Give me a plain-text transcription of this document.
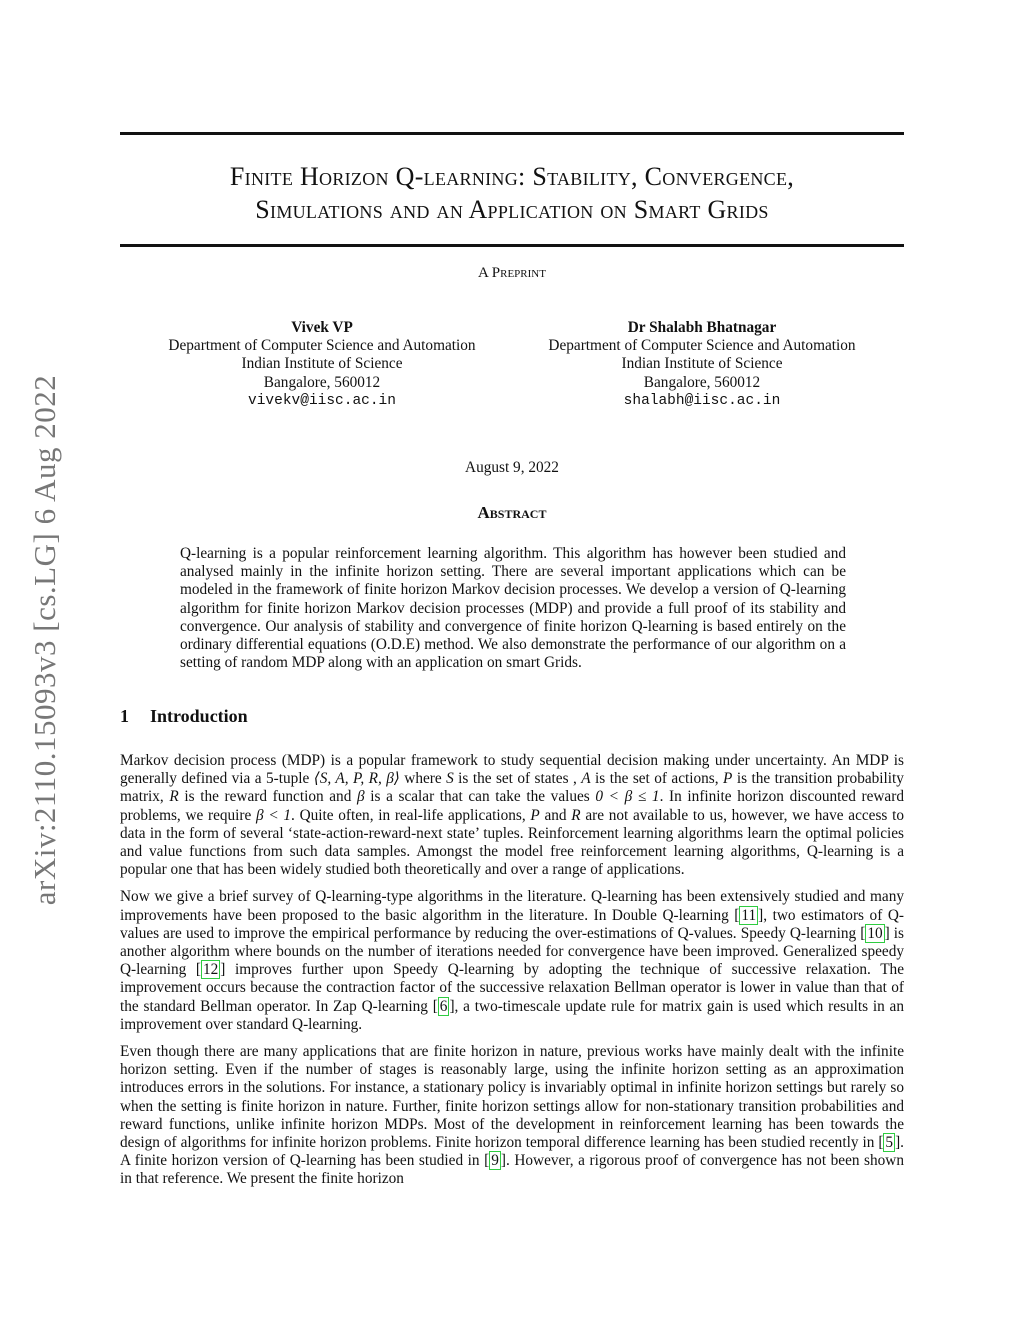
arXiv:2110.15093v3 [cs.LG] 6 Aug 2022
Finite Horizon Q-learning: Stability, Convergence,
Simulations and an Application on Smart Grids
A Preprint
Vivek VP
Department of Computer Science and Automation
Indian Institute of Science
Bangalore, 560012
vivekv@iisc.ac.in
Dr Shalabh Bhatnagar
Department of Computer Science and Automation
Indian Institute of Science
Bangalore, 560012
shalabh@iisc.ac.in
August 9, 2022
Abstract
Q-learning is a popular reinforcement learning algorithm. This algorithm has however been studied and analysed mainly in the infinite horizon setting. There are several important applications which can be modeled in the framework of finite horizon Markov decision processes. We develop a version of Q-learning algorithm for finite horizon Markov decision processes (MDP) and provide a full proof of its stability and convergence. Our analysis of stability and convergence of finite horizon Q-learning is based entirely on the ordinary differential equations (O.D.E) method. We also demonstrate the performance of our algorithm on a setting of random MDP along with an application on smart Grids.
1 Introduction

Markov decision process (MDP) is a popular framework to study sequential decision making under uncertainty. An MDP is generally defined via a 5-tuple ⟨S, A, P, R, β⟩ where S is the set of states , A is the set of actions, P is the transition probability matrix, R is the reward function and β is a scalar that can take the values 0 < β ≤ 1. In infinite horizon discounted reward problems, we require β < 1. Quite often, in real-life applications, P and R are not available to us, however, we have access to data in the form of several ‘state-action-reward-next state’ tuples. Reinforcement learning algorithms learn the optimal policies and value functions from such data samples. Amongst the model free reinforcement learning algorithms, Q-learning is a popular one that has been widely studied both theoretically and over a range of applications.

Now we give a brief survey of Q-learning-type algorithms in the literature. Q-learning has been extensively studied and many improvements have been proposed to the basic algorithm in the literature. In Double Q-learning [ 11 ], two estimators of Q-values are used to improve the empirical performance by reducing the over-estimations of Q-values. Speedy Q-learning [ 10 ] is another algorithm where bounds on the number of iterations needed for convergence have been improved. Generalized speedy Q-learning [ 12 ] improves further upon Speedy Q-learning by adopting the technique of successive relaxation. The improvement occurs because the contraction factor of the successive relaxation Bellman operator is lower in value than that of the standard Bellman operator. In Zap Q-learning [ 6 ], a two-timescale update rule for matrix gain is used which results in an improvement over standard Q-learning.

Even though there are many applications that are finite horizon in nature, previous works have mainly dealt with the infinite horizon setting. Even if the number of stages is reasonably large, using the infinite horizon setting as an approximation introduces errors in the solutions. For instance, a stationary policy is invariably optimal in infinite horizon settings but rarely so when the setting is finite horizon in nature. Further, finite horizon settings allow for non-stationary transition probabilities and reward functions, unlike infinite horizon MDPs. Most of the development in reinforcement learning has been towards the design of algorithms for infinite horizon problems. Finite horizon temporal difference learning has been studied recently in [ 5 ]. A finite horizon version of Q-learning has been studied in [ 9 ]. However, a rigorous proof of convergence has not been shown in that reference. We present the finite horizon
